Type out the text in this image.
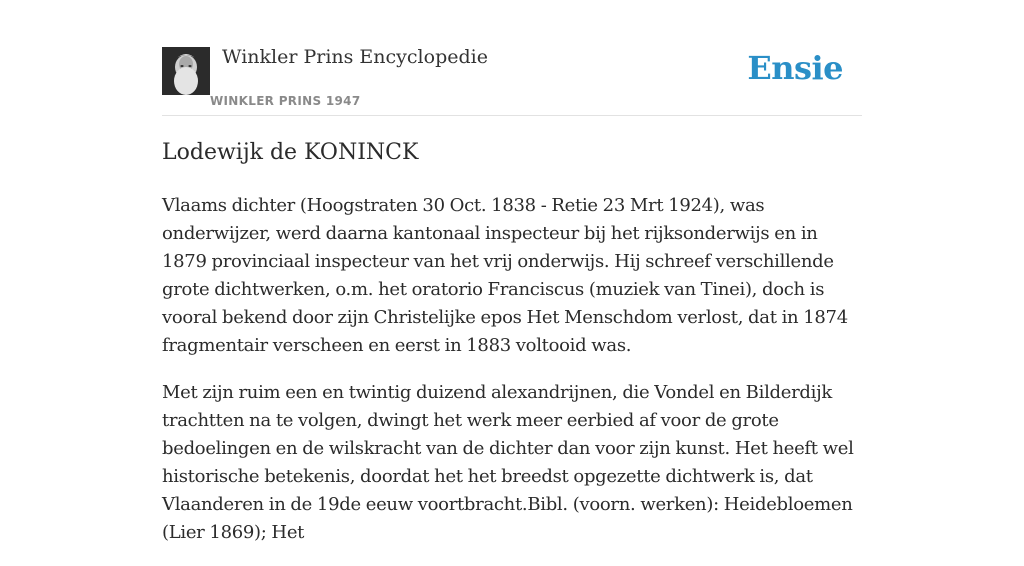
Winkler Prins Encyclopedie
WINKLER PRINS 1947
Ensie
Lodewijk de KONINCK

Vlaams dichter (Hoogstraten 30 Oct. 1838 - Retie 23 Mrt 1924), was onderwijzer, werd daarna kantonaal inspecteur bij het rijksonderwijs en in 1879 provinciaal inspecteur van het vrij onderwijs. Hij schreef verschillende grote dichtwerken, o.m. het oratorio Franciscus (muziek van Tinei), doch is vooral bekend door zijn Christelijke epos Het Menschdom verlost, dat in 1874 fragmentair verscheen en eerst in 1883 voltooid was.

Met zijn ruim een en twintig duizend alexandrijnen, die Vondel en Bilderdijk trachtten na te volgen, dwingt het werk meer eerbied af voor de grote bedoelingen en de wilskracht van de dichter dan voor zijn kunst. Het heeft wel historische betekenis, doordat het het breedst opgezette dichtwerk is, dat Vlaanderen in de 19de eeuw voortbracht.Bibl. (voorn. werken): Heidebloemen (Lier 1869); Het
